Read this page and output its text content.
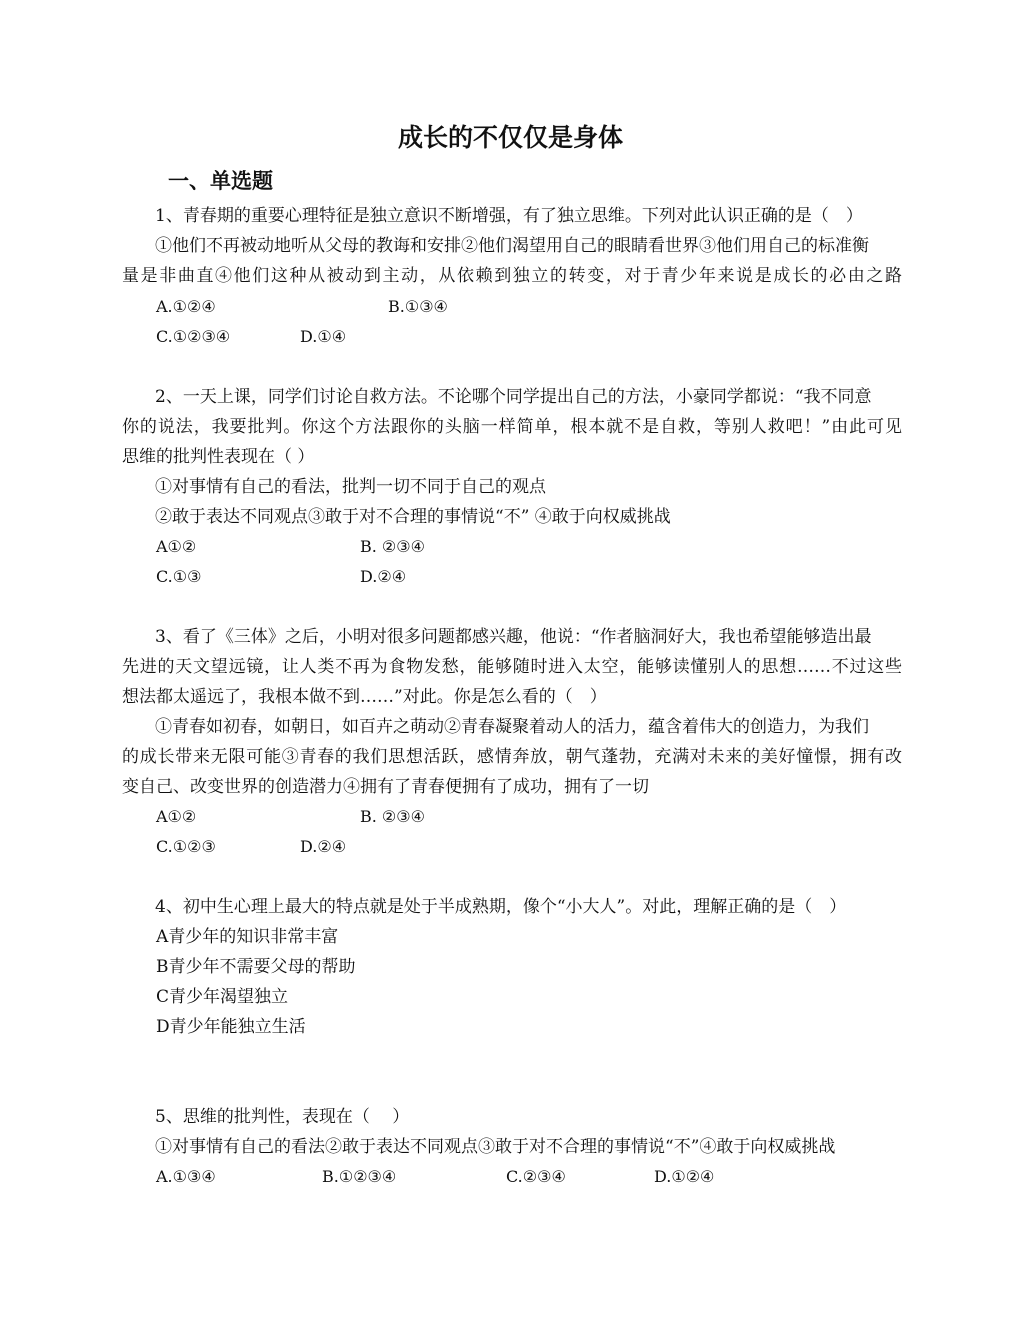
成长的不仅仅是身体
一、单选题
1、青春期的重要心理特征是独立意识不断增强，有了独立思维。下列对此认识正确的是（　）
①他们不再被动地听从父母的教诲和安排②他们渴望用自己的眼睛看世界③他们用自己的标准衡
量是非曲直④他们这种从被动到主动，从依赖到独立的转变，对于青少年来说是成长的必由之路
A.①②④	B.①③④
C.①②③④	D.①④
2、一天上课，同学们讨论自救方法。不论哪个同学提出自己的方法，小豪同学都说：“我不同意
你的说法，我要批判。你这个方法跟你的头脑一样简单，根本就不是自救，等别人救吧！”由此可见
思维的批判性表现在（ ）
①对事情有自己的看法，批判一切不同于自己的观点
②敢于表达不同观点③敢于对不合理的事情说“不” ④敢于向权威挑战
A①②	B. ②③④
C.①③	D.②④
3、看了《三体》之后，小明对很多问题都感兴趣，他说：“作者脑洞好大，我也希望能够造出最
先进的天文望远镜，让人类不再为食物发愁，能够随时进入太空，能够读懂别人的思想……不过这些
想法都太遥远了，我根本做不到……”对此。你是怎么看的（　）
①青春如初春，如朝日，如百卉之萌动②青春凝聚着动人的活力，蕴含着伟大的创造力，为我们
的成长带来无限可能③青春的我们思想活跃，感情奔放，朝气蓬勃，充满对未来的美好憧憬，拥有改
变自己、改变世界的创造潜力④拥有了青春便拥有了成功，拥有了一切
A①②	B. ②③④
C.①②③	D.②④
4、初中生心理上最大的特点就是处于半成熟期，像个“小大人”。对此，理解正确的是（　）
A青少年的知识非常丰富
B青少年不需要父母的帮助
C青少年渴望独立
D青少年能独立生活
5、思维的批判性，表现在（　 ）
①对事情有自己的看法②敢于表达不同观点③敢于对不合理的事情说“不”④敢于向权威挑战
A.①③④	B.①②③④	C.②③④	D.①②④
